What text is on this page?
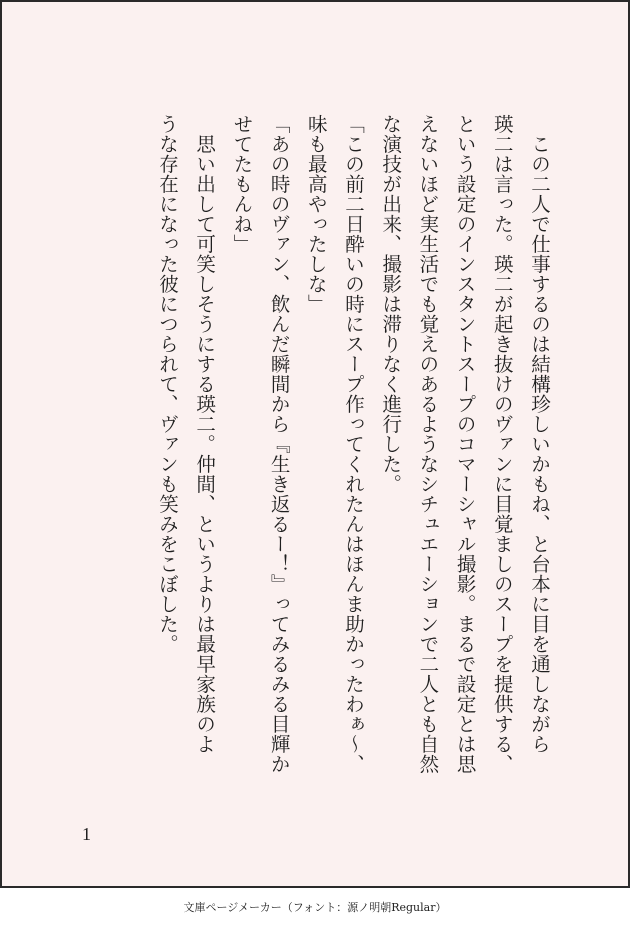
　この二人で仕事するのは結構珍しいかもね、と台本に目を通しながら
瑛二は言った。瑛二が起き抜けのヴァンに目覚ましのスープを提供する、
という設定のインスタントスープのコマーシャル撮影。まるで設定とは思
えないほど実生活でも覚えのあるようなシチュエーションで二人とも自然
な演技が出来、撮影は滞りなく進行した。
「この前二日酔いの時にスープ作ってくれたんはほんま助かったわぁ〜、
味も最高やったしな」
「あの時のヴァン、飲んだ瞬間から『生き返るー！』ってみるみる目輝か
せてたもんね」
　思い出して可笑しそうにする瑛二。仲間、というよりは最早家族のよ
うな存在になった彼につられて、ヴァンも笑みをこぼした。
1
文庫ページメーカー（フォント：源ノ明朝Regular）
